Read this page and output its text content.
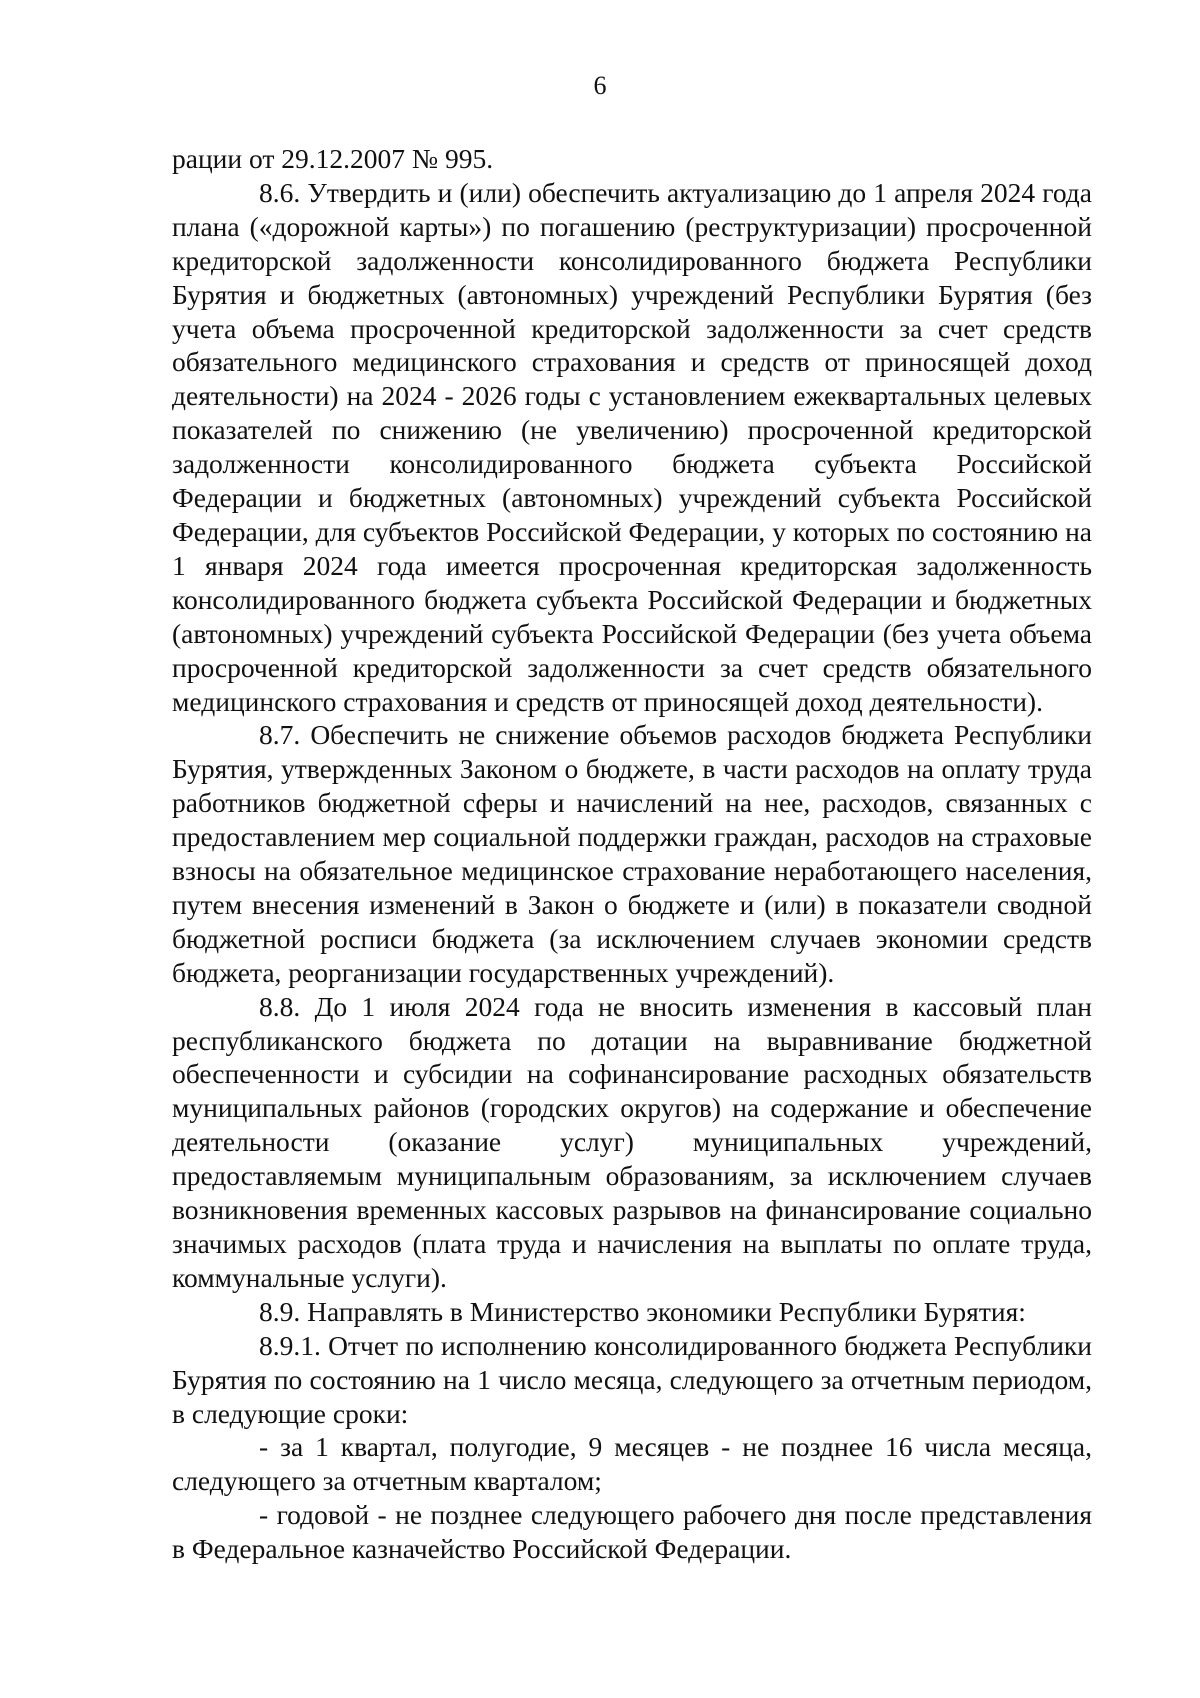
6

рации от 29.12.2007 № 995.

8.6. Утвердить и (или) обеспечить актуализацию до 1 апреля 2024 года плана («дорожной карты») по погашению (реструктуризации) просроченной кредиторской задолженности консолидированного бюджета Республики Бурятия и бюджетных (автономных) учреждений Республики Бурятия (без учета объема просроченной кредиторской задолженности за счет средств обязательного медицинского страхования и средств от приносящей доход деятельности) на 2024 - 2026 годы с установлением ежеквартальных целевых показателей по снижению (не увеличению) просроченной кредиторской задолженности консолидированного бюджета субъекта Российской Федерации и бюджетных (автономных) учреждений субъекта Российской Федерации, для субъектов Российской Федерации, у которых по состоянию на 1 января 2024 года имеется просроченная кредиторская задолженность консолидированного бюджета субъекта Российской Федерации и бюджетных (автономных) учреждений субъекта Российской Федерации (без учета объема просроченной кредиторской задолженности за счет средств обязательного медицинского страхования и средств от приносящей доход деятельности).

8.7. Обеспечить не снижение объемов расходов бюджета Республики Бурятия, утвержденных Законом о бюджете, в части расходов на оплату труда работников бюджетной сферы и начислений на нее, расходов, связанных с предоставлением мер социальной поддержки граждан, расходов на страховые взносы на обязательное медицинское страхование неработающего населения, путем внесения изменений в Закон о бюджете и (или) в показатели сводной бюджетной росписи бюджета (за исключением случаев экономии средств бюджета, реорганизации государственных учреждений).

8.8. До 1 июля 2024 года не вносить изменения в кассовый план республиканского бюджета по дотации на выравнивание бюджетной обеспеченности и субсидии на софинансирование расходных обязательств муниципальных районов (городских округов) на содержание и обеспечение деятельности (оказание услуг) муниципальных учреждений, предоставляемым муниципальным образованиям, за исключением случаев возникновения временных кассовых разрывов на финансирование социально значимых расходов (плата труда и начисления на выплаты по оплате труда, коммунальные услуги).

8.9. Направлять в Министерство экономики Республики Бурятия:

8.9.1. Отчет по исполнению консолидированного бюджета Республики Бурятия по состоянию на 1 число месяца, следующего за отчетным периодом, в следующие сроки:

- за 1 квартал, полугодие, 9 месяцев - не позднее 16 числа месяца, следующего за отчетным кварталом;

- годовой - не позднее следующего рабочего дня после представления в Федеральное казначейство Российской Федерации.
